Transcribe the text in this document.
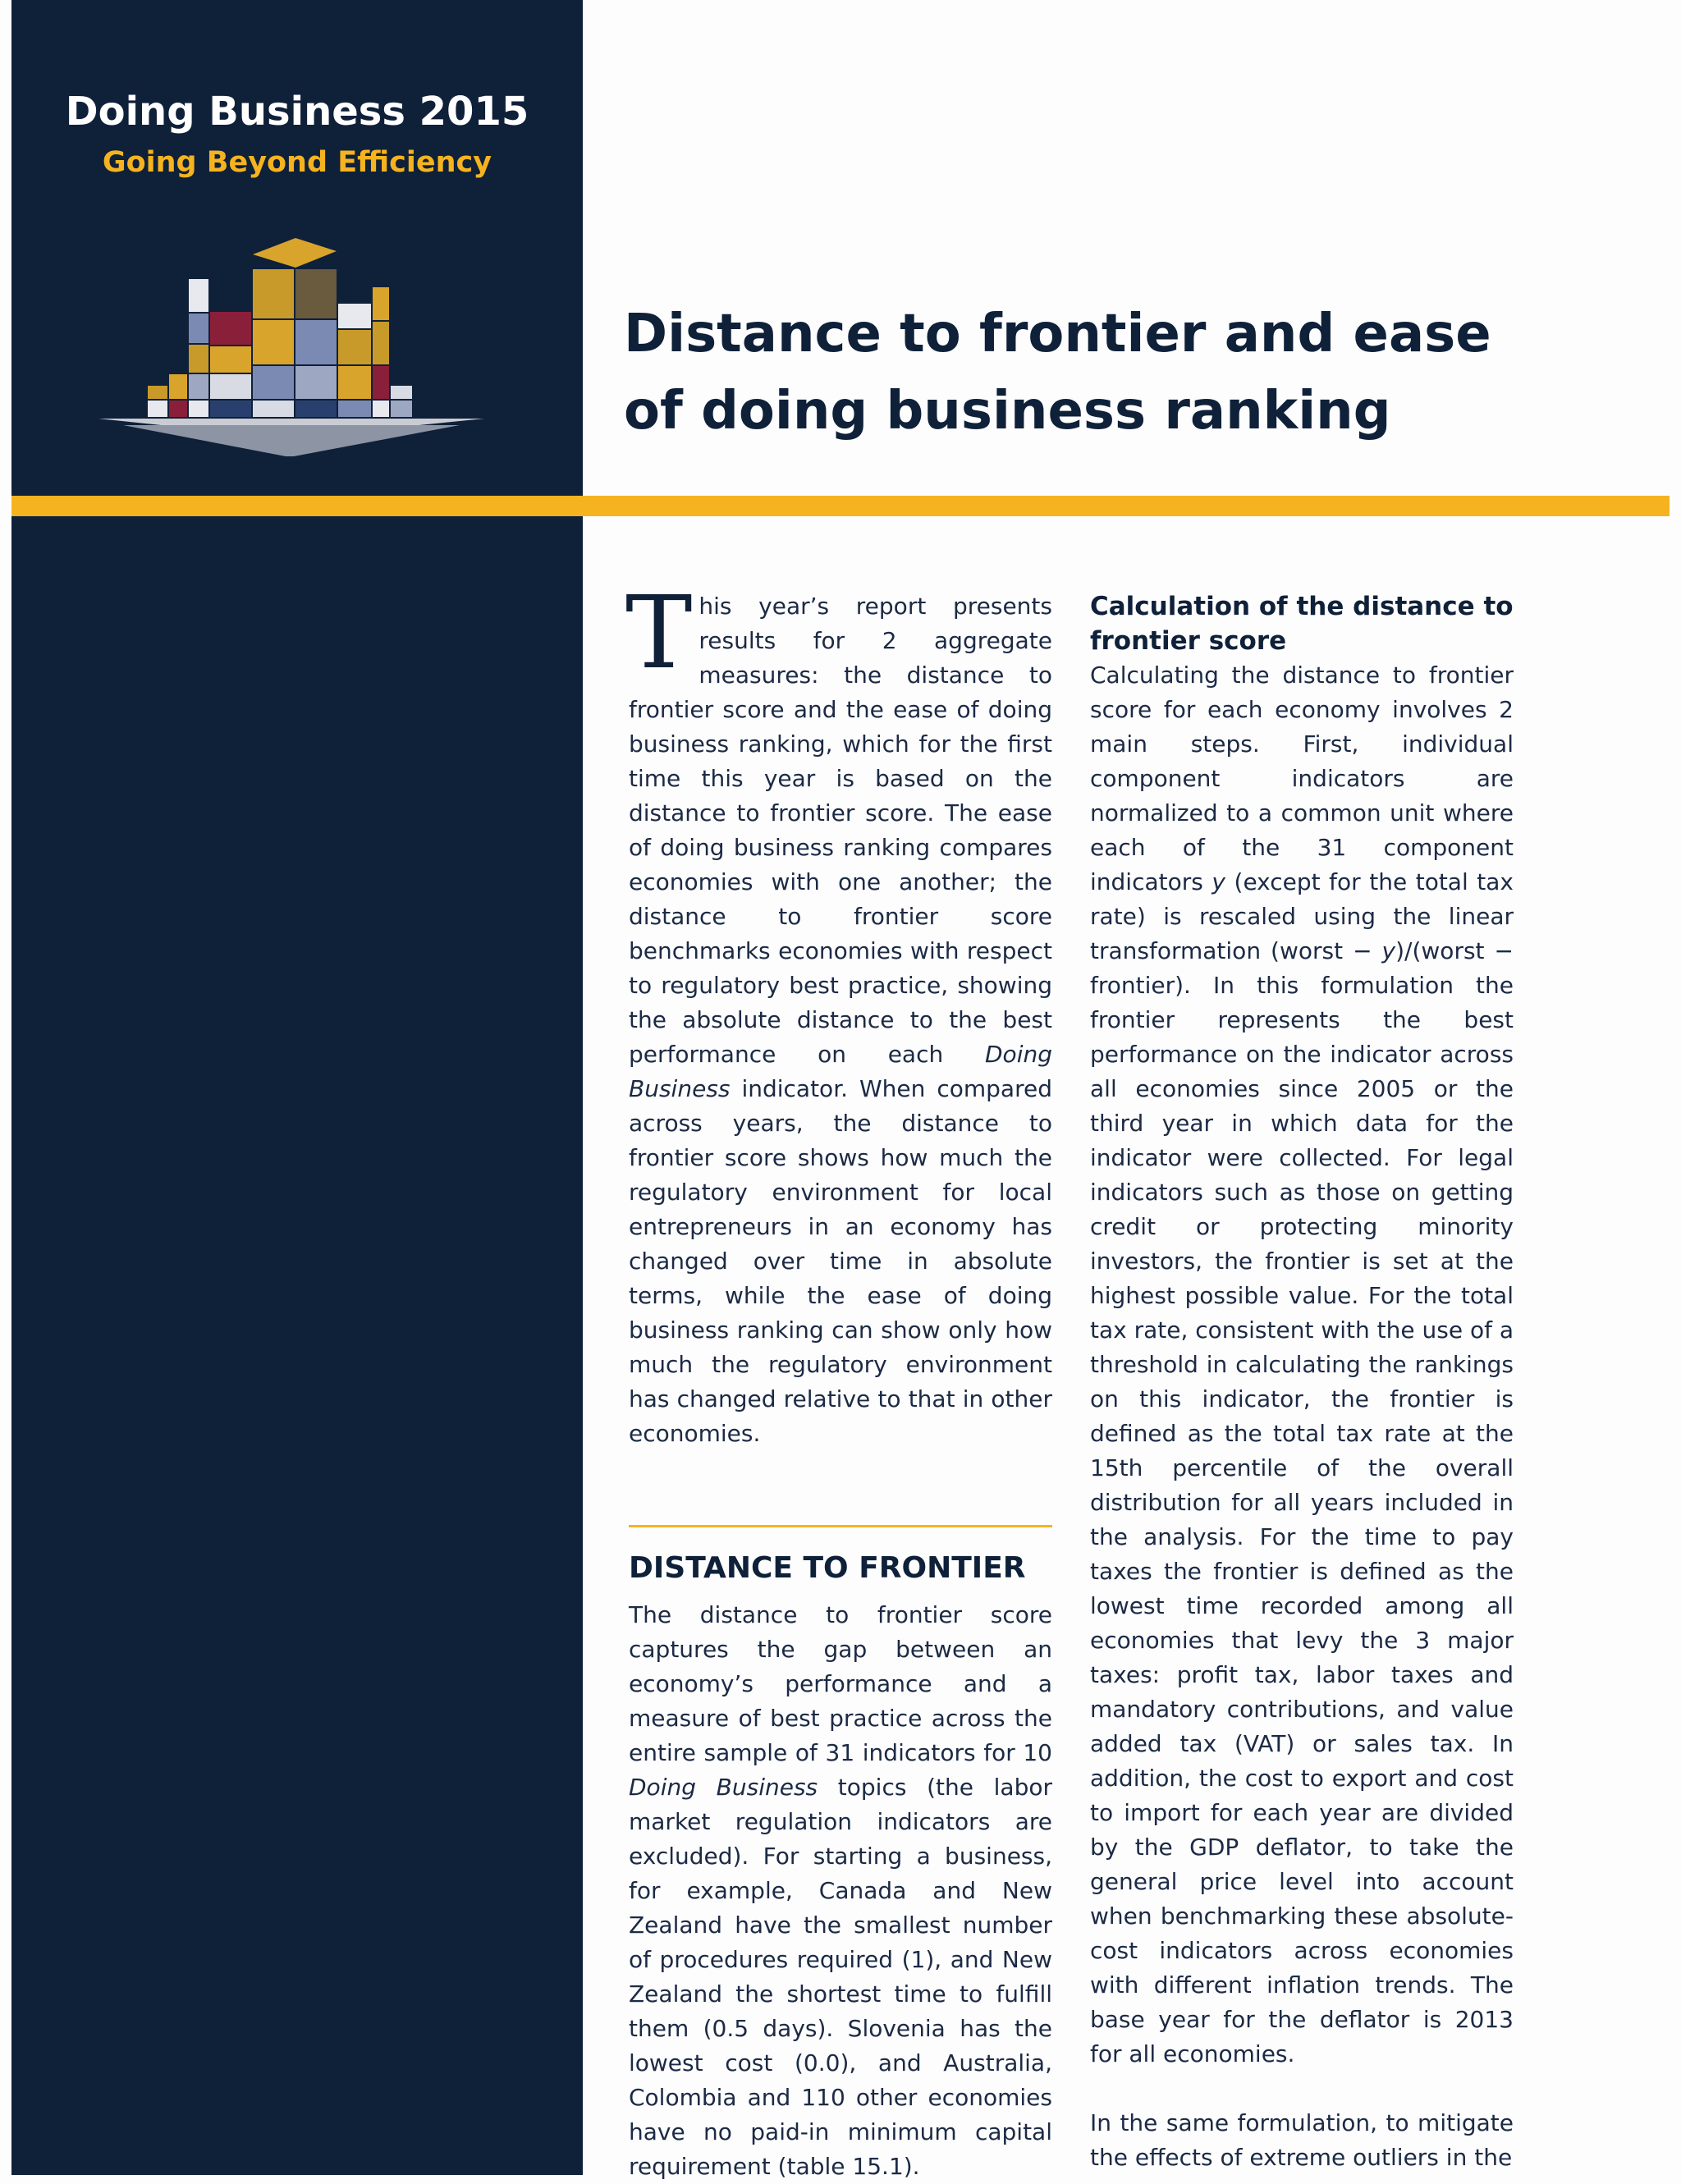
Doing Business 2015
Going Beyond Efficiency
Distance to frontier and ease of doing business ranking

This year’s report presents results for 2 aggregate measures: the distance to frontier score and the ease of doing business ranking, which for the first time this year is based on the distance to frontier score. The ease of doing business ranking compares economies with one another; the distance to frontier score benchmarks economies with respect to regulatory best practice, showing the absolute distance to the best performance on each Doing Business indicator. When compared across years, the distance to frontier score shows how much the regulatory environment for local entrepreneurs in an economy has changed over time in absolute terms, while the ease of doing business ranking can show only how much the regulatory environment has changed relative to that in other economies.

DISTANCE TO FRONTIER

The distance to frontier score captures the gap between an economy’s performance and a measure of best practice across the entire sample of 31 indicators for 10 Doing Business topics (the labor market regulation indicators are excluded). For starting a business, for example, Canada and New Zealand have the smallest number of procedures required (1), and New Zealand the shortest time to fulfill them (0.5 days). Slovenia has the lowest cost (0.0), and Australia, Colombia and 110 other economies have no paid-in minimum capital requirement (table 15.1).

Calculation of the distance to frontier score

Calculating the distance to frontier score for each economy involves 2 main steps. First, individual component indicators are normalized to a common unit where each of the 31 component indicators y (except for the total tax rate) is rescaled using the linear transformation (worst − y)/(worst − frontier). In this formulation the frontier represents the best performance on the indicator across all economies since 2005 or the third year in which data for the indicator were collected. For legal indicators such as those on getting credit or protecting minority investors, the frontier is set at the highest possible value. For the total tax rate, consistent with the use of a threshold in calculating the rankings on this indicator, the frontier is defined as the total tax rate at the 15th percentile of the overall distribution for all years included in the analysis. For the time to pay taxes the frontier is defined as the lowest time recorded among all economies that levy the 3 major taxes: profit tax, labor taxes and mandatory contributions, and value added tax (VAT) or sales tax. In addition, the cost to export and cost to import for each year are divided by the GDP deflator, to take the general price level into account when benchmarking these absolute-cost indicators across economies with different inflation trends. The base year for the deflator is 2013 for all economies.

In the same formulation, to mitigate the effects of extreme outliers in the
